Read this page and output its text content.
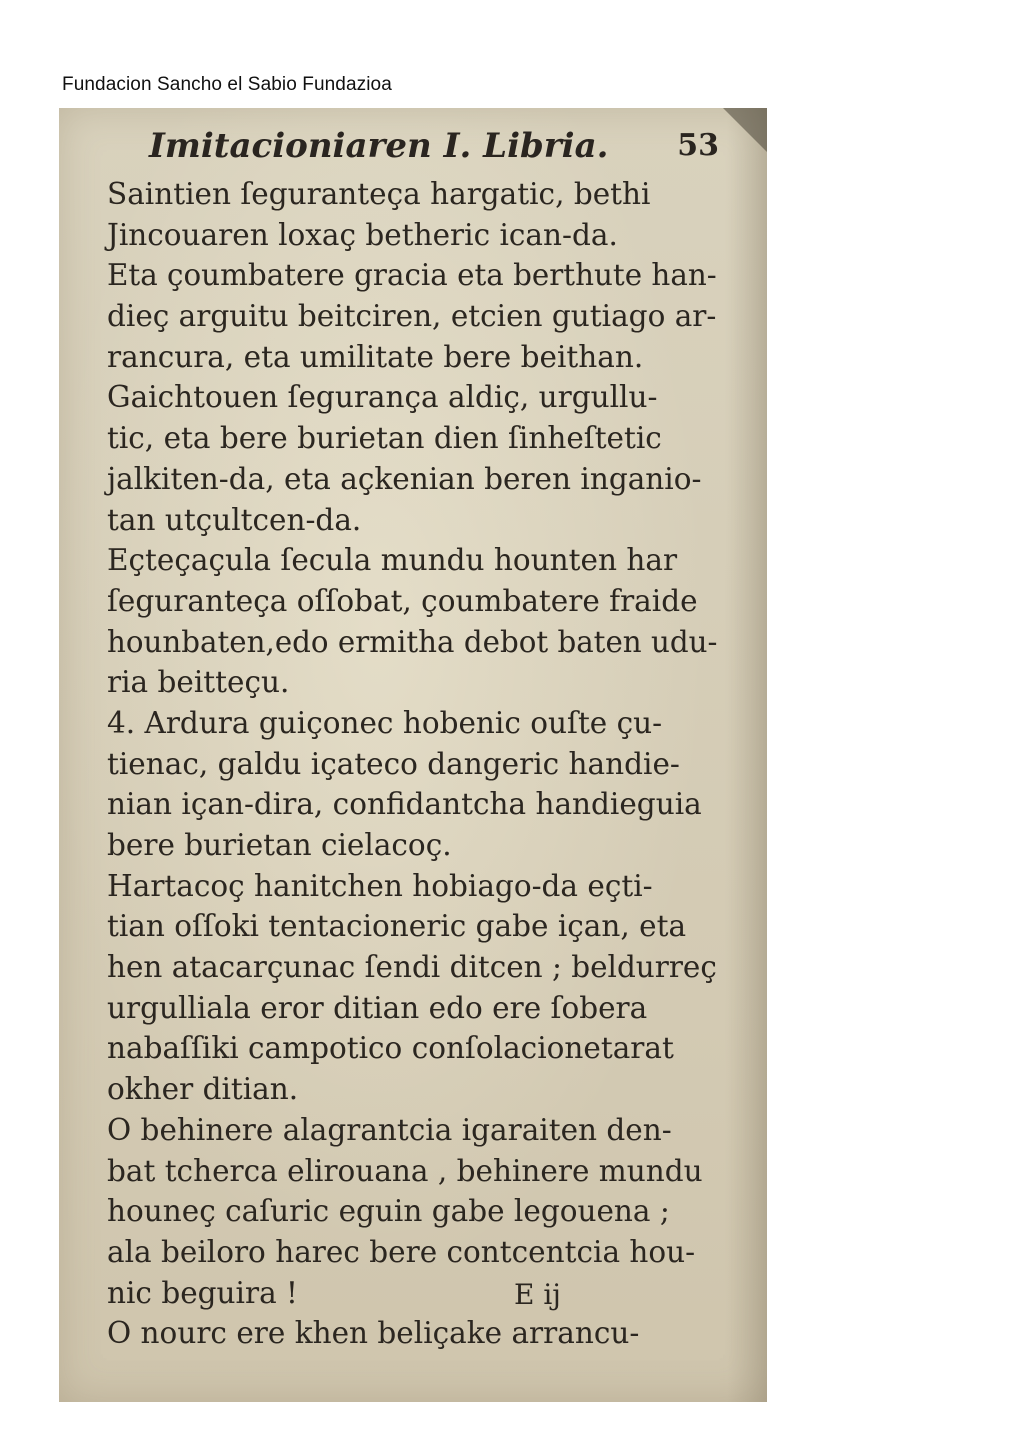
Fundacion Sancho el Sabio Fundazioa
Imitacioniaren I. Libria. 53
Saintien ſeguranteça hargatic, bethi
Jincouaren loxaç betheric ican-da.
Eta çoumbatere gracia eta berthute han-
dieç arguitu beitciren, etcien gutiago ar-
rancura, eta umilitate bere beithan.
Gaichtouen ſegurança aldiç, urgullu-
tic, eta bere burietan dien ſinheſtetic
jalkiten-da, eta açkenian beren inganio-
tan utçultcen-da.
Eçteçaçula ſecula mundu hounten har
ſeguranteça oſſobat, çoumbatere fraide
hounbaten,edo ermitha debot baten udu-
ria beitteçu.
4. Ardura guiçonec hobenic ouſte çu-
tienac, galdu içateco dangeric handie-
nian içan-dira, confidantcha handieguia
bere burietan cielacoç.
Hartacoç hanitchen hobiago-da eçti-
tian oſſoki tentacioneric gabe içan, eta
hen atacarçunac ſendi ditcen ; beldurreç
urgulliala eror ditian edo ere ſobera
nabaſſiki campotico conſolacionetarat
okher ditian.
O behinere alagrantcia igaraiten den-
bat tcherca elirouana , behinere mundu
houneç caſuric eguin gabe legouena ;
ala beiloro harec bere contcentcia hou-
nic beguira !
O nourc ere khen beliçake arrancu-
E ij
